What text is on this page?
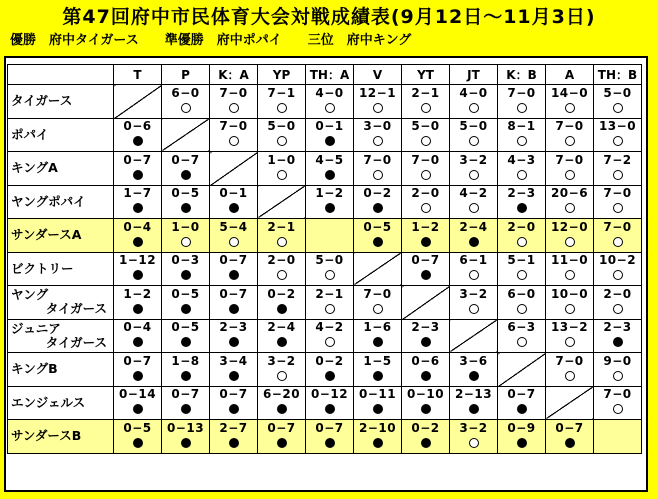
第47回府中市民体育大会対戦成績表(9月12日〜11月3日)
優勝　府中タイガース　　準優勝　府中ポパイ　　三位　府中キング
	T	P	K：A	YP	TH：A	V	YT	JT	K：B	A	TH：B
タイガース		6−0	7−0	7−1	4−0	12−1	2−1	4−0	7−0	14−0	5−0

ポパイ	0−6		7−0	5−0	0−1	3−0	5−0	5−0	8−1	7−0	13−0

キングA	0−7	0−7		1−0	4−5	7−0	7−0	3−2	4−3	7−0	7−2

ヤングポパイ	1−7	0−5	0−1		1−2	0−2	2−0	4−2	2−3	20−6	7−0

サンダースA	0−4	1−0	5−4	2−1		0−5	1−2	2−4	2−0	12−0	7−0

ビクトリー	1−12	0−3	0−7	2−0	5−0		0−7	6−1	5−1	11−0	10−2

ヤング
タイガース	1−2	0−5	0−7	0−2	2−1	7−0		3−2	6−0	10−0	2−0

ジュニア
タイガース	0−4	0−5	2−3	2−4	4−2	1−6	2−3		6−3	13−2	2−3

キングB	0−7	1−8	3−4	3−2	0−2	1−5	0−6	3−6		7−0	9−0

エンジェルス	0−14	0−7	0−7	6−20	0−12	0−11	0−10	2−13	0−7		7−0

サンダースB	0−5	0−13	2−7	0−7	0−7	2−10	0−2	3−2	0−9	0−7	
